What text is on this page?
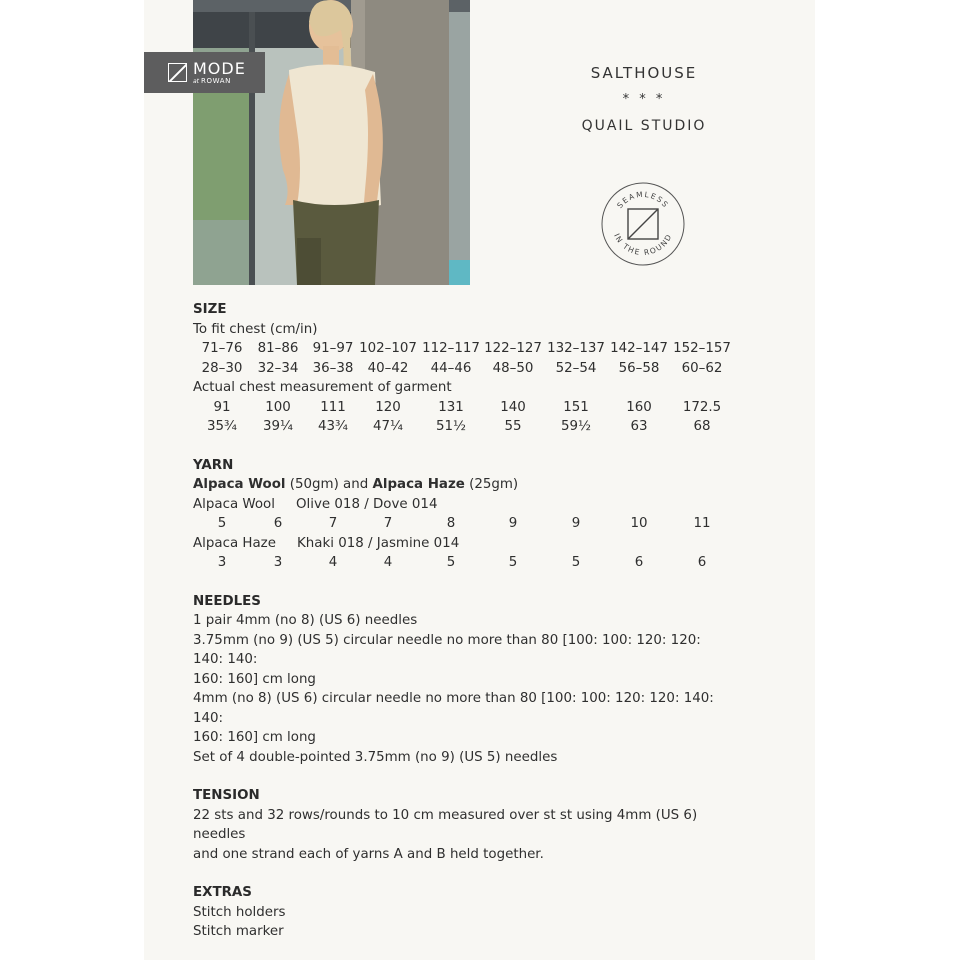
MODE
at ROWAN	SALTHOUSE
* * *
QUAIL STUDIO
SEAMLESS
IN THE ROUND
SIZE
To fit chest (cm/in)
71–76 81–86 91–97 102–107 112–117 122–127 132–137 142–147 152–157
28–30 32–34 36–38 40–42 44–46 48–50 52–54 56–58 60–62
Actual chest measurement of garment
91	100 111 120	131	140	151	160 172.5
35¾ 39¼ 43¾ 47¼ 51½	55	59½	63	68
YARN
Alpaca Wool (50gm) and Alpaca Haze (25gm)
Alpaca Wool Olive 018 / Dove 014
5	6	7	7	8	9	9	10	11
Alpaca Haze Khaki 018 / Jasmine 014
3	3	4	4	5	5	5	6	6
NEEDLES
1 pair 4mm (no 8) (US 6) needles
3.75mm (no 9) (US 5) circular needle no more than 80 [100: 100: 120: 120: 140: 140:
160: 160] cm long
4mm (no 8) (US 6) circular needle no more than 80 [100: 100: 120: 120: 140: 140:
160: 160] cm long
Set of 4 double-pointed 3.75mm (no 9) (US 5) needles
TENSION
22 sts and 32 rows/rounds to 10 cm measured over st st using 4mm (US 6) needles
and one strand each of yarns A and B held together.
EXTRAS
Stitch holders
Stitch marker
